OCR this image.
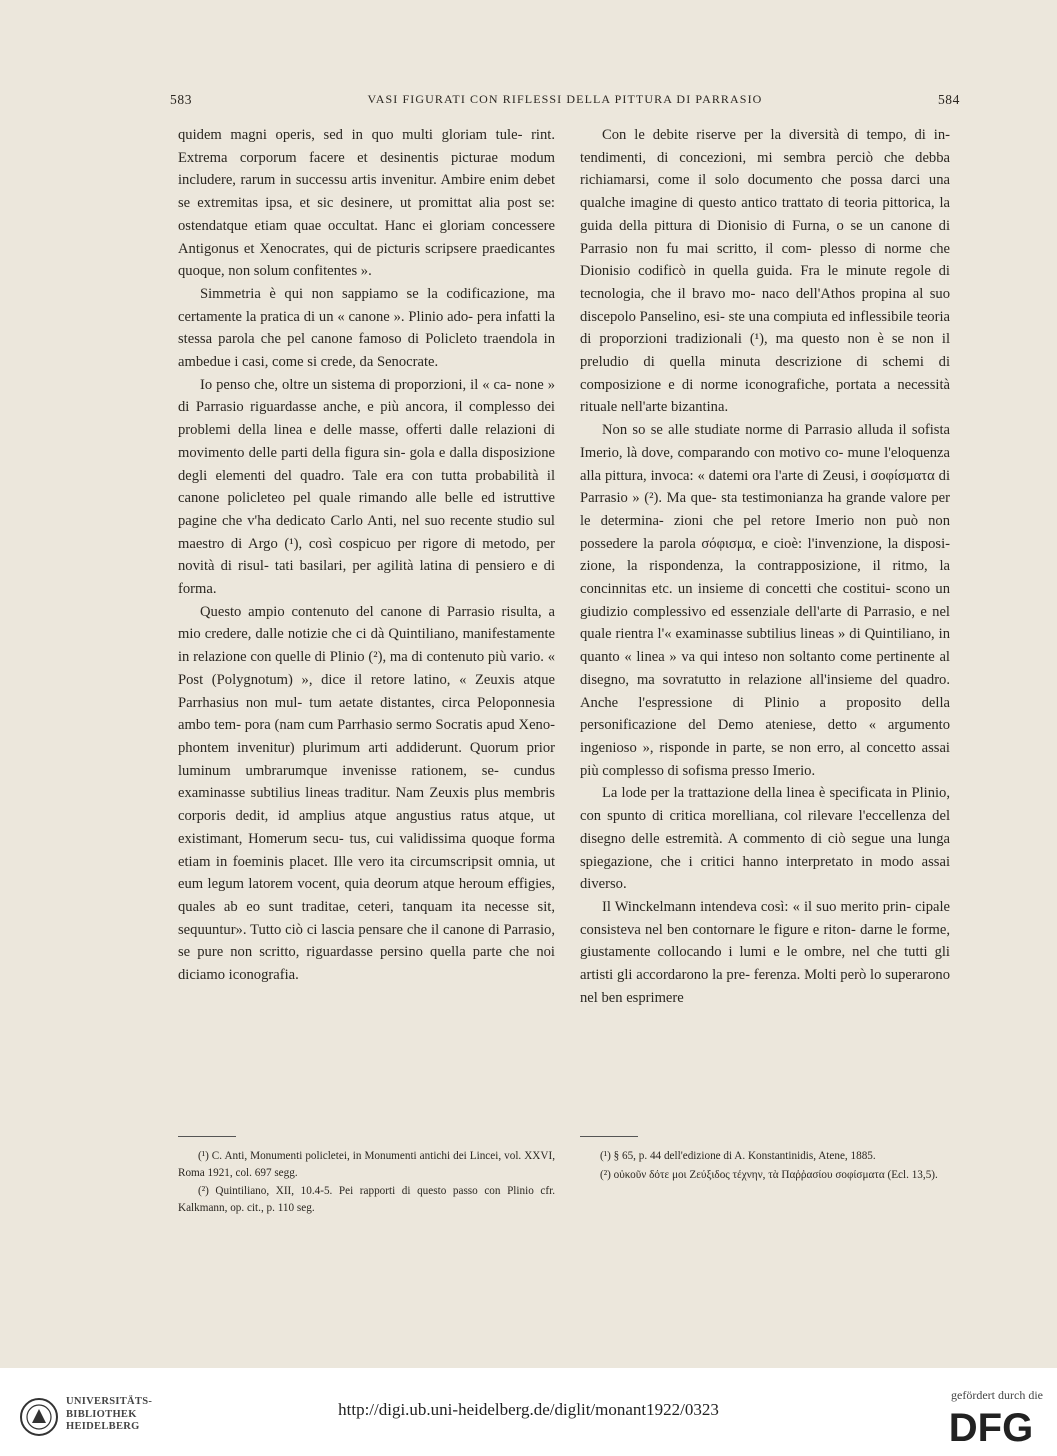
583	VASI FIGURATI CON RIFLESSI DELLA PITTURA DI PARRASIO	584

quidem magni operis, sed in quo multi gloriam tule- rint. Extrema corporum facere et desinentis picturae modum includere, rarum in successu artis invenitur. Ambire enim debet se extremitas ipsa, et sic desinere, ut promittat alia post se: ostendatque etiam quae occultat. Hanc ei gloriam concessere Antigonus et Xenocrates, qui de picturis scripsere praedicantes quoque, non solum confitentes ».

Simmetria è qui non sappiamo se la codificazione, ma certamente la pratica di un « canone ». Plinio ado- pera infatti la stessa parola che pel canone famoso di Policleto traendola in ambedue i casi, come si crede, da Senocrate.

Io penso che, oltre un sistema di proporzioni, il « ca- none » di Parrasio riguardasse anche, e più ancora, il complesso dei problemi della linea e delle masse, offerti dalle relazioni di movimento delle parti della figura sin- gola e dalla disposizione degli elementi del quadro. Tale era con tutta probabilità il canone policleteo pel quale rimando alle belle ed istruttive pagine che v'ha dedicato Carlo Anti, nel suo recente studio sul maestro di Argo (¹), così cospicuo per rigore di metodo, per novità di risul- tati basilari, per agilità latina di pensiero e di forma.

Questo ampio contenuto del canone di Parrasio risulta, a mio credere, dalle notizie che ci dà Quintiliano, manifestamente in relazione con quelle di Plinio (²), ma di contenuto più vario. « Post (Polygnotum) », dice il retore latino, « Zeuxis atque Parrhasius non mul- tum aetate distantes, circa Peloponnesia ambo tem- pora (nam cum Parrhasio sermo Socratis apud Xeno- phontem invenitur) plurimum arti addiderunt. Quorum prior luminum umbrarumque invenisse rationem, se- cundus examinasse subtilius lineas traditur. Nam Zeuxis plus membris corporis dedit, id amplius atque angustius ratus atque, ut existimant, Homerum secu- tus, cui validissima quoque forma etiam in foeminis placet. Ille vero ita circumscripsit omnia, ut eum legum latorem vocent, quia deorum atque heroum effigies, quales ab eo sunt traditae, ceteri, tanquam ita necesse sit, sequuntur». Tutto ciò ci lascia pensare che il canone di Parrasio, se pure non scritto, riguardasse persino quella parte che noi diciamo iconografia.

Con le debite riserve per la diversità di tempo, di in- tendimenti, di concezioni, mi sembra perciò che debba richiamarsi, come il solo documento che possa darci una qualche imagine di questo antico trattato di teoria pittorica, la guida della pittura di Dionisio di Furna, o se un canone di Parrasio non fu mai scritto, il com- plesso di norme che Dionisio codificò in quella guida. Fra le minute regole di tecnologia, che il bravo mo- naco dell'Athos propina al suo discepolo Panselino, esi- ste una compiuta ed inflessibile teoria di proporzioni tradizionali (¹), ma questo non è se non il preludio di quella minuta descrizione di schemi di composizione e di norme iconografiche, portata a necessità rituale nell'arte bizantina.

Non so se alle studiate norme di Parrasio alluda il sofista Imerio, là dove, comparando con motivo co- mune l'eloquenza alla pittura, invoca: « datemi ora l'arte di Zeusi, i σοφίσματα di Parrasio » (²). Ma que- sta testimonianza ha grande valore per le determina- zioni che pel retore Imerio non può non possedere la parola σόφισμα, e cioè: l'invenzione, la disposi- zione, la rispondenza, la contrapposizione, il ritmo, la concinnitas etc. un insieme di concetti che costitui- scono un giudizio complessivo ed essenziale dell'arte di Parrasio, e nel quale rientra l'« examinasse subtilius lineas » di Quintiliano, in quanto « linea » va qui inteso non soltanto come pertinente al disegno, ma sovratutto in relazione all'insieme del quadro. Anche l'espressione di Plinio a proposito della personificazione del Demo ateniese, detto « argumento ingenioso », risponde in parte, se non erro, al concetto assai più complesso di sofisma presso Imerio.

La lode per la trattazione della linea è specificata in Plinio, con spunto di critica morelliana, col rilevare l'eccellenza del disegno delle estremità. A commento di ciò segue una lunga spiegazione, che i critici hanno interpretato in modo assai diverso.

Il Winckelmann intendeva così: « il suo merito prin- cipale consisteva nel ben contornare le figure e riton- darne le forme, giustamente collocando i lumi e le ombre, nel che tutti gli artisti gli accordarono la pre- ferenza. Molti però lo superarono nel ben esprimere

(¹) C. Anti, Monumenti policletei, in Monumenti antichi dei Lincei, vol. XXVI, Roma 1921, col. 697 segg.

(²) Quintiliano, XII, 10.4-5. Pei rapporti di questo passo con Plinio cfr. Kalkmann, op. cit., p. 110 seg.

(¹) § 65, p. 44 dell'edizione di A. Konstantinidis, Atene, 1885.

(²) οὐκοῦν δότε μοι Ζεύξιδος τέχνην, τὰ Παῤῥασίου σοφίσματα (Ecl. 13,5).

UNIVERSITÄTS-
BIBLIOTHEK
HEIDELBERG
http://digi.ub.uni-heidelberg.de/diglit/monant1922/0323
gefördert durch die
DFG
